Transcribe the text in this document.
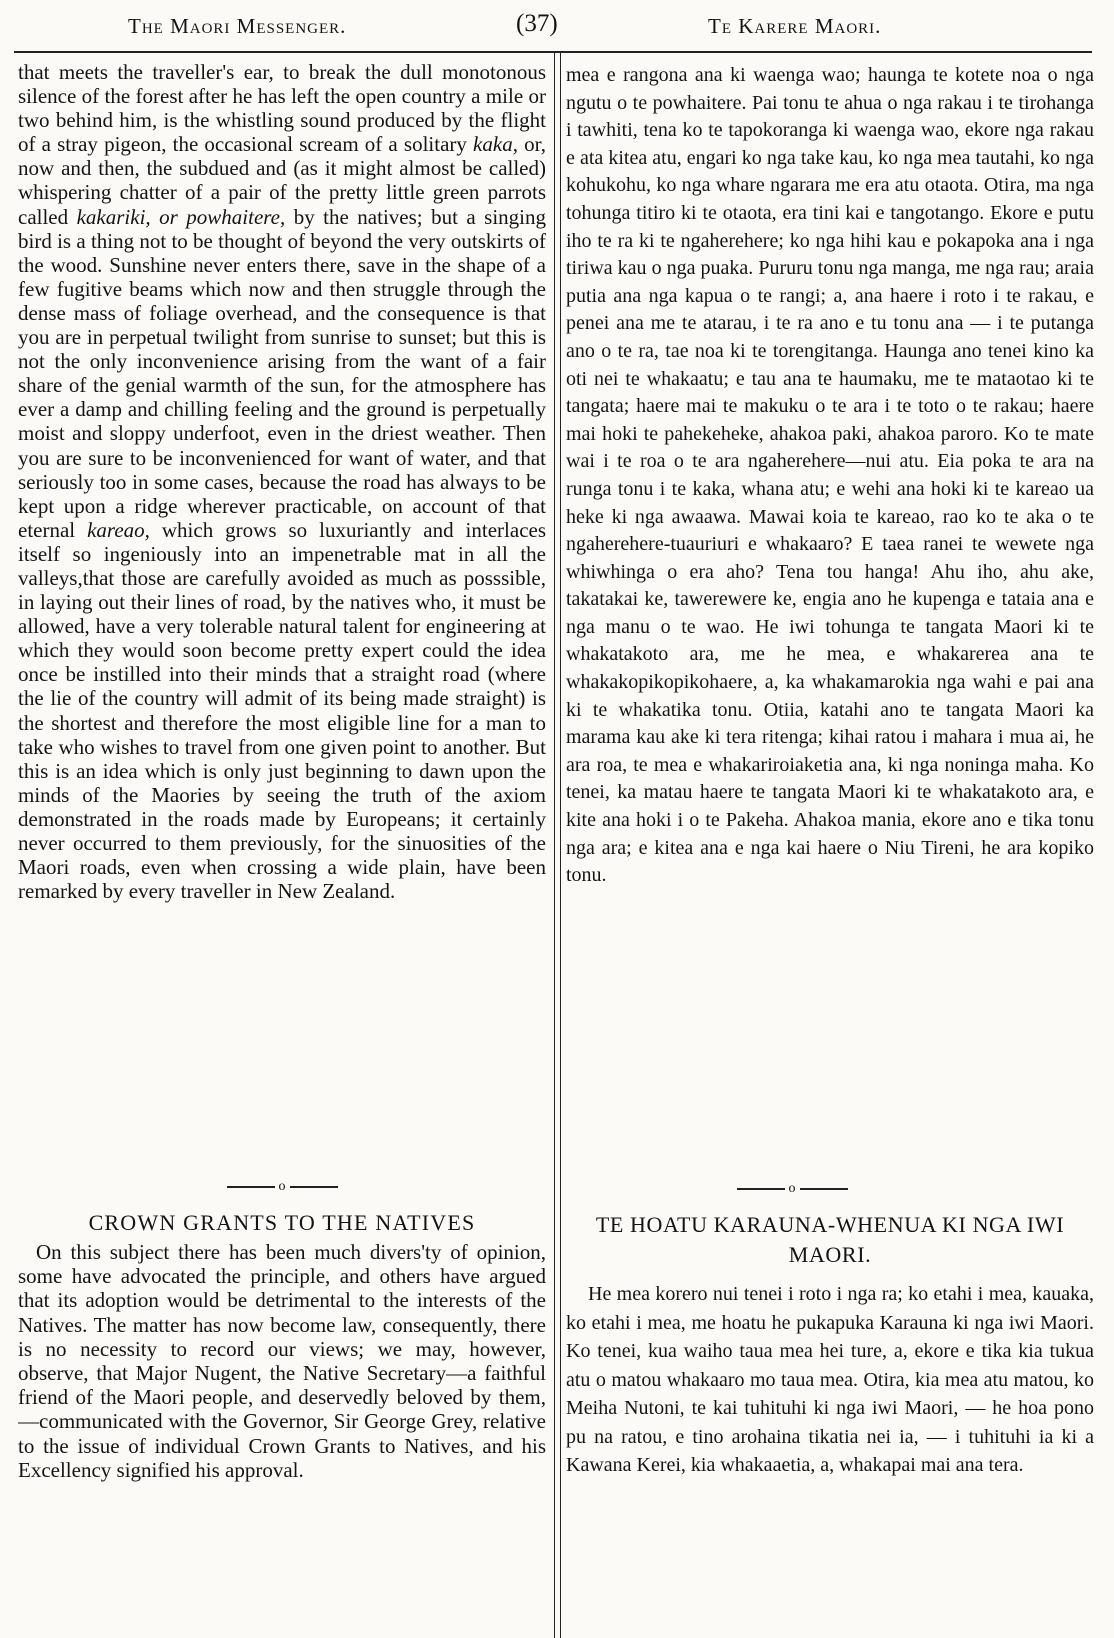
The Maori Messenger.	(37)	Te Karere Maori.

that meets the traveller's ear, to break the dull monotonous silence of the forest after he has left the open country a mile or two behind him, is the whistling sound produced by the flight of a stray pigeon, the occasional scream of a solitary kaka, or, now and then, the subdued and (as it might almost be called) whispering chatter of a pair of the pretty little green parrots called kakariki, or powhaitere, by the natives; but a singing bird is a thing not to be thought of beyond the very outskirts of the wood. Sunshine never enters there, save in the shape of a few fugitive beams which now and then struggle through the dense mass of foliage overhead, and the consequence is that you are in perpetual twilight from sunrise to sunset; but this is not the only inconvenience arising from the want of a fair share of the genial warmth of the sun, for the atmosphere has ever a damp and chilling feeling and the ground is perpetually moist and sloppy underfoot, even in the driest weather. Then you are sure to be inconvenienced for want of water, and that seriously too in some cases, because the road has always to be kept upon a ridge wherever practicable, on account of that eternal kareao, which grows so luxuriantly and interlaces itself so ingeniously into an impenetrable mat in all the valleys,that those are carefully avoided as much as posssible, in laying out their lines of road, by the natives who, it must be allowed, have a very tolerable natural talent for engineering at which they would soon become pretty expert could the idea once be instilled into their minds that a straight road (where the lie of the country will admit of its being made straight) is the shortest and therefore the most eligible line for a man to take who wishes to travel from one given point to another. But this is an idea which is only just beginning to dawn upon the minds of the Maories by seeing the truth of the axiom demonstrated in the roads made by Europeans; it certainly never occurred to them previously, for the sinuosities of the Maori roads, even when crossing a wide plain, have been remarked by every traveller in New Zealand.

mea e rangona ana ki waenga wao; haunga te kotete noa o nga ngutu o te powhaitere. Pai tonu te ahua o nga rakau i te tirohanga i tawhiti, tena ko te tapokoranga ki waenga wao, ekore nga rakau e ata kitea atu, engari ko nga take kau, ko nga mea tautahi, ko nga kohukohu, ko nga whare ngarara me era atu otaota. Otira, ma nga tohunga titiro ki te otaota, era tini kai e tangotango. Ekore e putu iho te ra ki te ngaherehere; ko nga hihi kau e pokapoka ana i nga tiriwa kau o nga puaka. Pururu tonu nga manga, me nga rau; araia putia ana nga kapua o te rangi; a, ana haere i roto i te rakau, e penei ana me te atarau, i te ra ano e tu tonu ana — i te putanga ano o te ra, tae noa ki te torengitanga. Haunga ano tenei kino ka oti nei te whakaatu; e tau ana te haumaku, me te mataotao ki te tangata; haere mai te makuku o te ara i te toto o te rakau; haere mai hoki te pahekeheke, ahakoa paki, ahakoa paroro. Ko te mate wai i te roa o te ara ngaherehere—nui atu. Eia poka te ara na runga tonu i te kaka, whana atu; e wehi ana hoki ki te kareao ua heke ki nga awaawa. Mawai koia te kareao, rao ko te aka o te ngaherehere-tuauriuri e whakaaro? E taea ranei te wewete nga whiwhinga o era aho? Tena tou hanga! Ahu iho, ahu ake, takatakai ke, tawerewere ke, engia ano he kupenga e tataia ana e nga manu o te wao. He iwi tohunga te tangata Maori ki te whakatakoto ara, me he mea, e whakarerea ana te whakakopikopikohaere, a, ka whakamarokia nga wahi e pai ana ki te whakatika tonu. Otiia, katahi ano te tangata Maori ka marama kau ake ki tera ritenga; kihai ratou i mahara i mua ai, he ara roa, te mea e whakariroiaketia ana, ki nga noninga maha. Ko tenei, ka matau haere te tangata Maori ki te whakatakoto ara, e kite ana hoki i o te Pakeha. Ahakoa mania, ekore ano e tika tonu nga ara; e kitea ana e nga kai haere o Niu Tireni, he ara kopiko tonu.

o	o
CROWN GRANTS TO THE NATIVES	TE HOATU KARAUNA-WHENUA KI NGA IWI MAORI.

On this subject there has been much divers'ty of opinion, some have advocated the principle, and others have argued that its adoption would be detrimental to the interests of the Natives. The matter has now become law, consequently, there is no necessity to record our views; we may, however, observe, that Major Nugent, the Native Secretary—a faithful friend of the Maori people, and deservedly beloved by them,—communicated with the Governor, Sir George Grey, relative to the issue of individual Crown Grants to Natives, and his Excellency signified his approval.

He mea korero nui tenei i roto i nga ra; ko etahi i mea, kauaka, ko etahi i mea, me hoatu he pukapuka Karauna ki nga iwi Maori. Ko tenei, kua waiho taua mea hei ture, a, ekore e tika kia tukua atu o matou whakaaro mo taua mea. Otira, kia mea atu matou, ko Meiha Nutoni, te kai tuhituhi ki nga iwi Maori, — he hoa pono pu na ratou, e tino arohaina tikatia nei ia, — i tuhituhi ia ki a Kawana Kerei, kia whakaaetia, a, whakapai mai ana tera.
